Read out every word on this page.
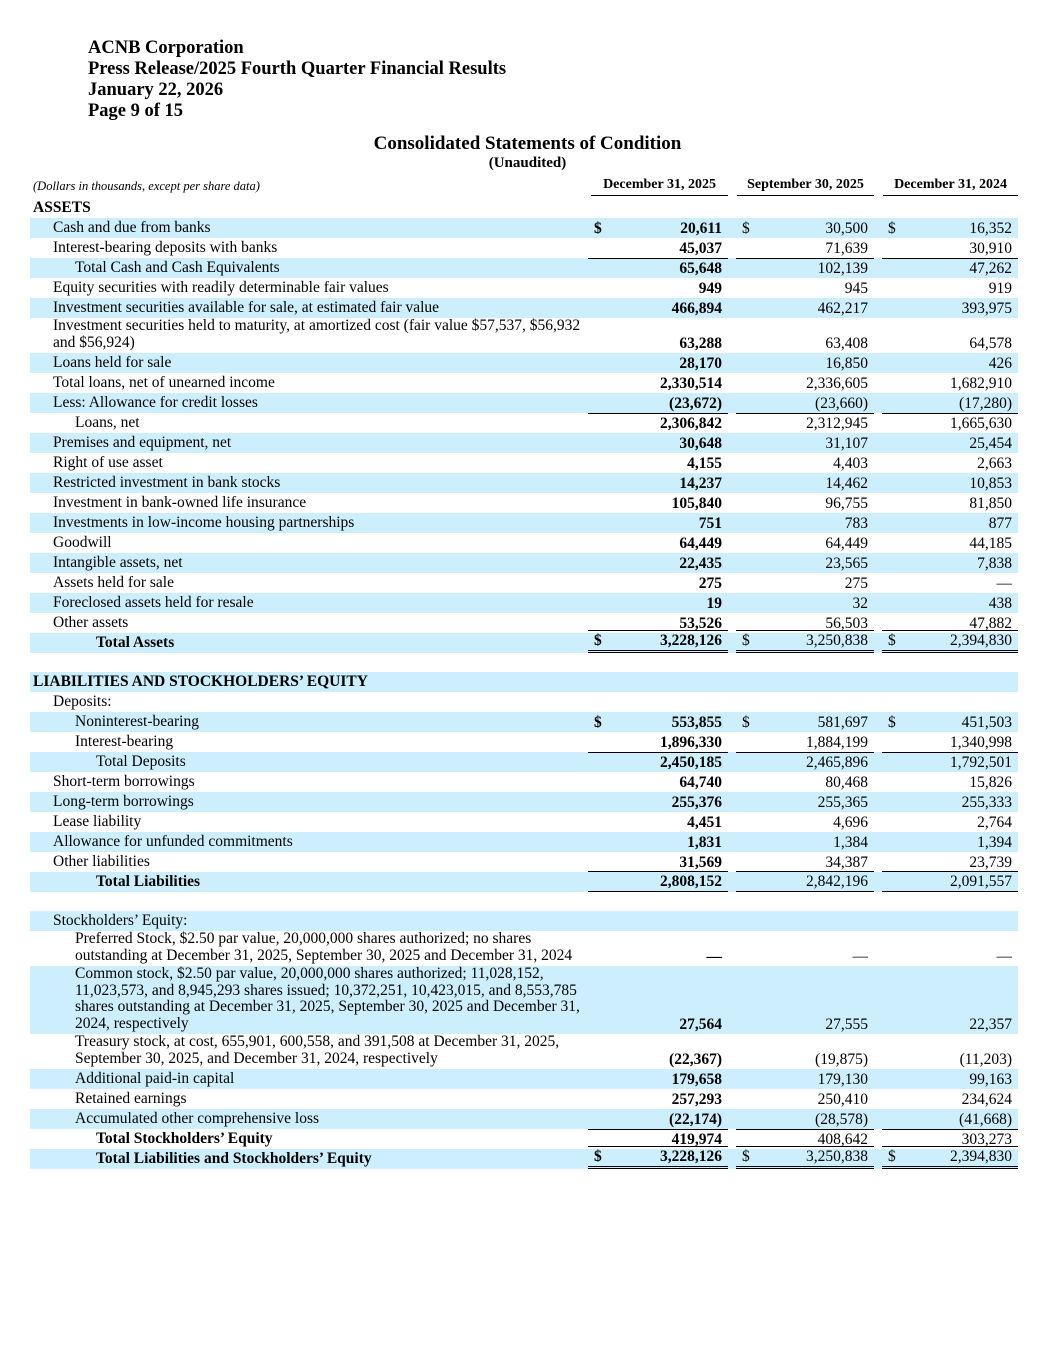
ACNB Corporation
Press Release/2025 Fourth Quarter Financial Results
January 22, 2026
Page 9 of 15
Consolidated Statements of Condition
(Unaudited)
(Dollars in thousands, except per share data)	December 31, 2025	September 30, 2025	December 31, 2024
ASSETS
Cash and due from banks	$	20,611 $	30,500 $	16,352
Interest-bearing deposits with banks	45,037	71,639	30,910
Total Cash and Cash Equivalents	65,648	102,139	47,262
Equity securities with readily determinable fair values	949	945	919
Investment securities available for sale, at estimated fair value	466,894	462,217	393,975
Investment securities held to maturity, at amortized cost (fair value $57,537, $56,932 and $56,924)	63,288	63,408	64,578
Loans held for sale	28,170	16,850	426
Total loans, net of unearned income	2,330,514	2,336,605	1,682,910
Less: Allowance for credit losses	(23,672)	(23,660)	(17,280)
Loans, net	2,306,842	2,312,945	1,665,630
Premises and equipment, net	30,648	31,107	25,454
Right of use asset	4,155	4,403	2,663
Restricted investment in bank stocks	14,237	14,462	10,853
Investment in bank-owned life insurance	105,840	96,755	81,850
Investments in low-income housing partnerships	751	783	877
Goodwill	64,449	64,449	44,185
Intangible assets, net	22,435	23,565	7,838
Assets held for sale	275	275	—
Foreclosed assets held for resale	19	32	438
Other assets	53,526	56,503	47,882
Total Assets	$	3,228,126 $	3,250,838 $	2,394,830
LIABILITIES AND STOCKHOLDERS’ EQUITY
Deposits:
Noninterest-bearing	$	553,855 $	581,697 $	451,503
Interest-bearing	1,896,330	1,884,199	1,340,998
Total Deposits	2,450,185	2,465,896	1,792,501
Short-term borrowings	64,740	80,468	15,826
Long-term borrowings	255,376	255,365	255,333
Lease liability	4,451	4,696	2,764
Allowance for unfunded commitments	1,831	1,384	1,394
Other liabilities	31,569	34,387	23,739
Total Liabilities	2,808,152	2,842,196	2,091,557
Stockholders’ Equity:
Preferred Stock, $2.50 par value, 20,000,000 shares authorized; no shares outstanding at December 31, 2025, September 30, 2025 and December 31, 2024	—	—	—
Common stock, $2.50 par value, 20,000,000 shares authorized; 11,028,152, 11,023,573, and 8,945,293 shares issued; 10,372,251, 10,423,015, and 8,553,785 shares outstanding at December 31, 2025, September 30, 2025 and December 31, 2024, respectively	27,564	27,555	22,357
Treasury stock, at cost, 655,901, 600,558, and 391,508 at December 31, 2025, September 30, 2025, and December 31, 2024, respectively	(22,367)	(19,875)	(11,203)
Additional paid-in capital	179,658	179,130	99,163
Retained earnings	257,293	250,410	234,624
Accumulated other comprehensive loss	(22,174)	(28,578)	(41,668)
Total Stockholders’ Equity	419,974	408,642	303,273
Total Liabilities and Stockholders’ Equity	$	3,228,126 $	3,250,838 $	2,394,830
